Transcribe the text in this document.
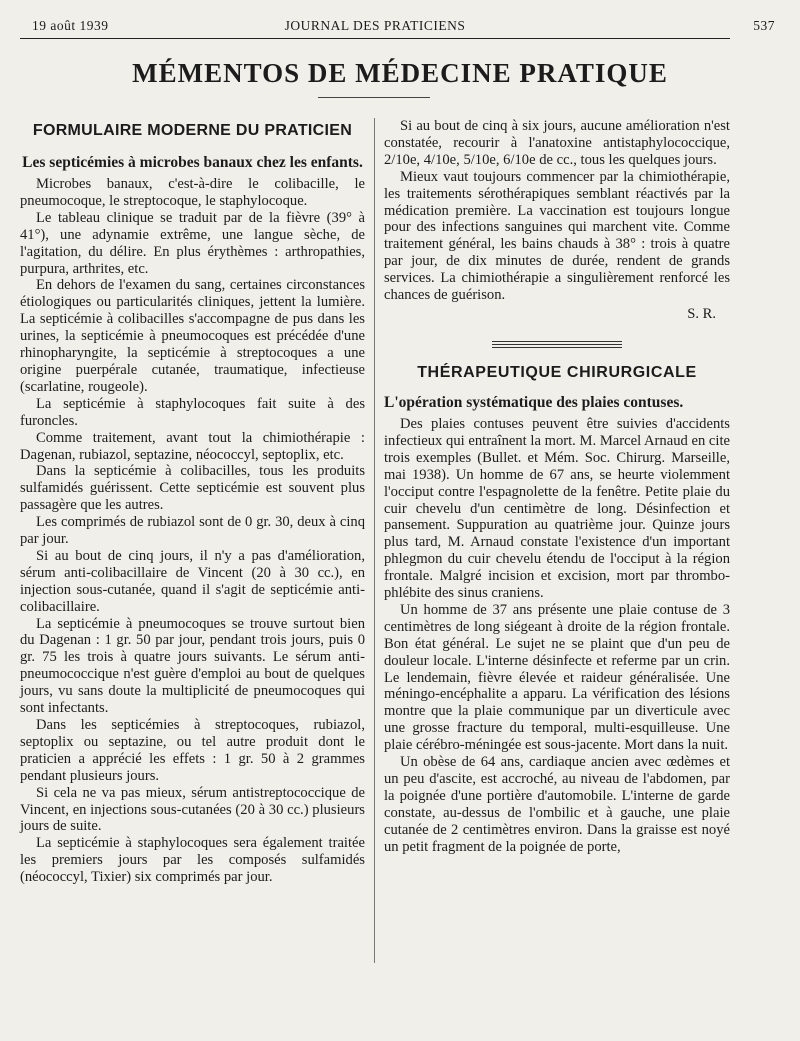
19 août 1939	JOURNAL DES PRATICIENS	537
MÉMENTOS DE MÉDECINE PRATIQUE
FORMULAIRE MODERNE DU PRATICIEN
Les septicémies à microbes banaux chez les enfants.

Microbes banaux, c'est-à-dire le colibacille, le pneumocoque, le streptocoque, le staphylocoque.

Le tableau clinique se traduit par de la fièvre (39° à 41°), une adynamie extrême, une langue sèche, de l'agitation, du délire. En plus érythèmes : arthropathies, purpura, arthrites, etc.

En dehors de l'examen du sang, certaines circonstances étiologiques ou particularités cliniques, jettent la lumière. La septicémie à colibacilles s'accompagne de pus dans les urines, la septicémie à pneumocoques est précédée d'une rhinopharyngite, la septicémie à streptocoques a une origine puerpérale cutanée, traumatique, infectieuse (scarlatine, rougeole).

La septicémie à staphylocoques fait suite à des furoncles.

Comme traitement, avant tout la chimiothérapie : Dagenan, rubiazol, septazine, néococcyl, septoplix, etc.

Dans la septicémie à colibacilles, tous les produits sulfamidés guérissent. Cette septicémie est souvent plus passagère que les autres.

Les comprimés de rubiazol sont de 0 gr. 30, deux à cinq par jour.

Si au bout de cinq jours, il n'y a pas d'amélioration, sérum anti-colibacillaire de Vincent (20 à 30 cc.), en injection sous-cutanée, quand il s'agit de septicémie anti-colibacillaire.

La septicémie à pneumocoques se trouve surtout bien du Dagenan : 1 gr. 50 par jour, pendant trois jours, puis 0 gr. 75 les trois à quatre jours suivants. Le sérum anti-pneumococcique n'est guère d'emploi au bout de quelques jours, vu sans doute la multiplicité de pneumocoques qui sont infectants.

Dans les septicémies à streptocoques, rubiazol, septoplix ou septazine, ou tel autre produit dont le praticien a apprécié les effets : 1 gr. 50 à 2 grammes pendant plusieurs jours.

Si cela ne va pas mieux, sérum antistreptococcique de Vincent, en injections sous-cutanées (20 à 30 cc.) plusieurs jours de suite.

La septicémie à staphylocoques sera également traitée les premiers jours par les composés sulfamidés (néococcyl, Tixier) six comprimés par jour.

Si au bout de cinq à six jours, aucune amélioration n'est constatée, recourir à l'anatoxine antistaphylococcique, 2/10e, 4/10e, 5/10e, 6/10e de cc., tous les quelques jours.

Mieux vaut toujours commencer par la chimiothérapie, les traitements sérothérapiques semblant réactivés par la médication première. La vaccination est toujours longue pour des infections sanguines qui marchent vite. Comme traitement général, les bains chauds à 38° : trois à quatre par jour, de dix minutes de durée, rendent de grands services. La chimiothérapie a singulièrement renforcé les chances de guérison.

S. R.
THÉRAPEUTIQUE CHIRURGICALE
L'opération systématique des plaies contuses.

Des plaies contuses peuvent être suivies d'accidents infectieux qui entraînent la mort. M. Marcel Arnaud en cite trois exemples (Bullet. et Mém. Soc. Chirurg. Marseille, mai 1938). Un homme de 67 ans, se heurte violemment l'occiput contre l'espagnolette de la fenêtre. Petite plaie du cuir chevelu d'un centimètre de long. Désinfection et pansement. Suppuration au quatrième jour. Quinze jours plus tard, M. Arnaud constate l'existence d'un important phlegmon du cuir chevelu étendu de l'occiput à la région frontale. Malgré incision et excision, mort par thrombo-phlébite des sinus craniens.

Un homme de 37 ans présente une plaie contuse de 3 centimètres de long siégeant à droite de la région frontale. Bon état général. Le sujet ne se plaint que d'un peu de douleur locale. L'interne désinfecte et referme par un crin. Le lendemain, fièvre élevée et raideur généralisée. Une méningo-encéphalite a apparu. La vérification des lésions montre que la plaie communique par un diverticule avec une grosse fracture du temporal, multi-esquilleuse. Une plaie cérébro-méningée est sous-jacente. Mort dans la nuit.

Un obèse de 64 ans, cardiaque ancien avec œdèmes et un peu d'ascite, est accroché, au niveau de l'abdomen, par la poignée d'une portière d'automobile. L'interne de garde constate, au-dessus de l'ombilic et à gauche, une plaie cutanée de 2 centimètres environ. Dans la graisse est noyé un petit fragment de la poignée de porte,
